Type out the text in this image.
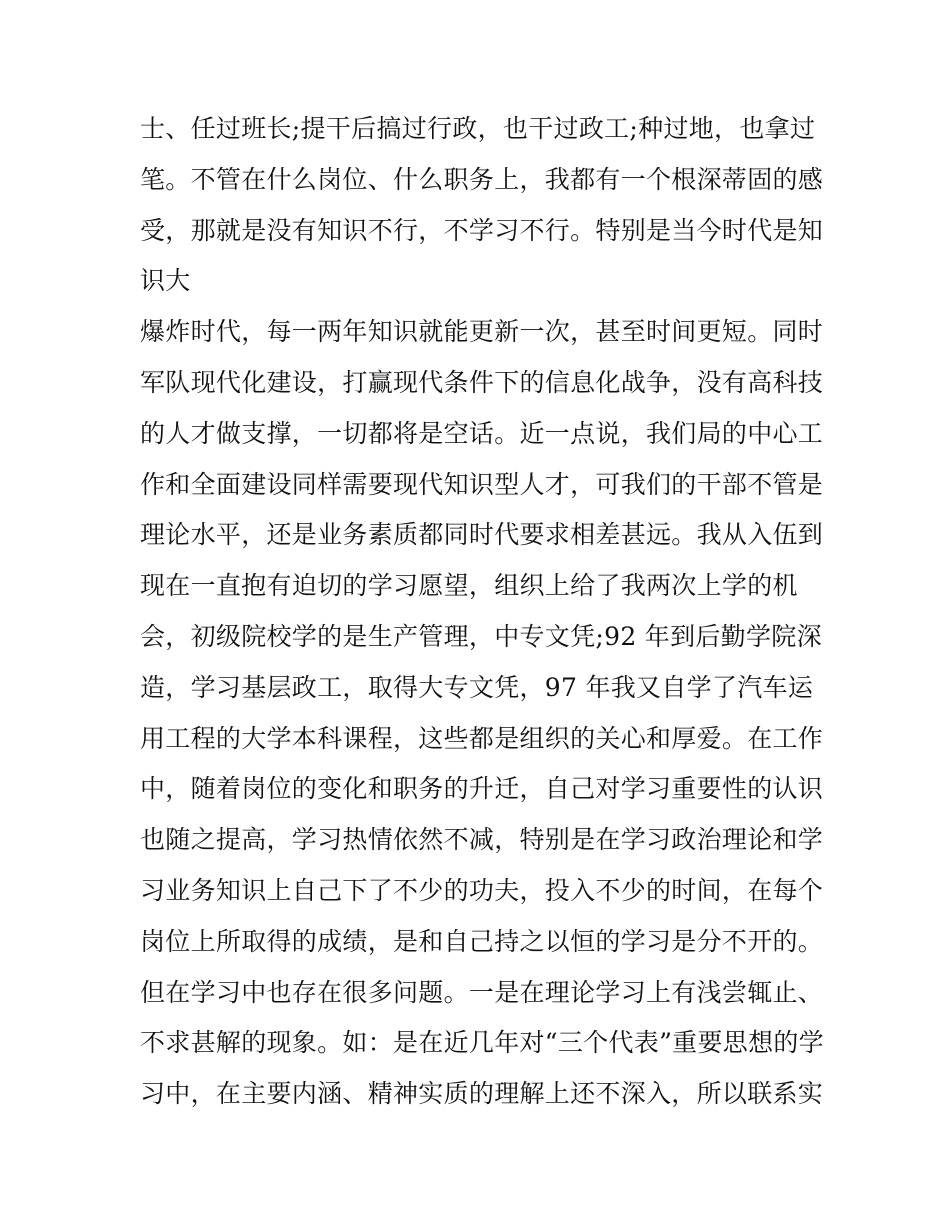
士、任过班长;提干后搞过行政，也干过政工;种过地，也拿过
笔。不管在什么岗位、什么职务上，我都有一个根深蒂固的感
受，那就是没有知识不行，不学习不行。特别是当今时代是知
识大
爆炸时代，每一两年知识就能更新一次，甚至时间更短。同时
军队现代化建设，打赢现代条件下的信息化战争，没有高科技
的人才做支撑，一切都将是空话。近一点说，我们局的中心工
作和全面建设同样需要现代知识型人才，可我们的干部不管是
理论水平，还是业务素质都同时代要求相差甚远。我从入伍到
现在一直抱有迫切的学习愿望，组织上给了我两次上学的机
会，初级院校学的是生产管理，中专文凭;92 年到后勤学院深
造，学习基层政工，取得大专文凭，97 年我又自学了汽车运
用工程的大学本科课程，这些都是组织的关心和厚爱。在工作
中，随着岗位的变化和职务的升迁，自己对学习重要性的认识
也随之提高，学习热情依然不减，特别是在学习政治理论和学
习业务知识上自己下了不少的功夫，投入不少的时间，在每个
岗位上所取得的成绩，是和自己持之以恒的学习是分不开的。
但在学习中也存在很多问题。一是在理论学习上有浅尝辄止、
不求甚解的现象。如：是在近几年对“三个代表”重要思想的学
习中，在主要内涵、精神实质的理解上还不深入，所以联系实
